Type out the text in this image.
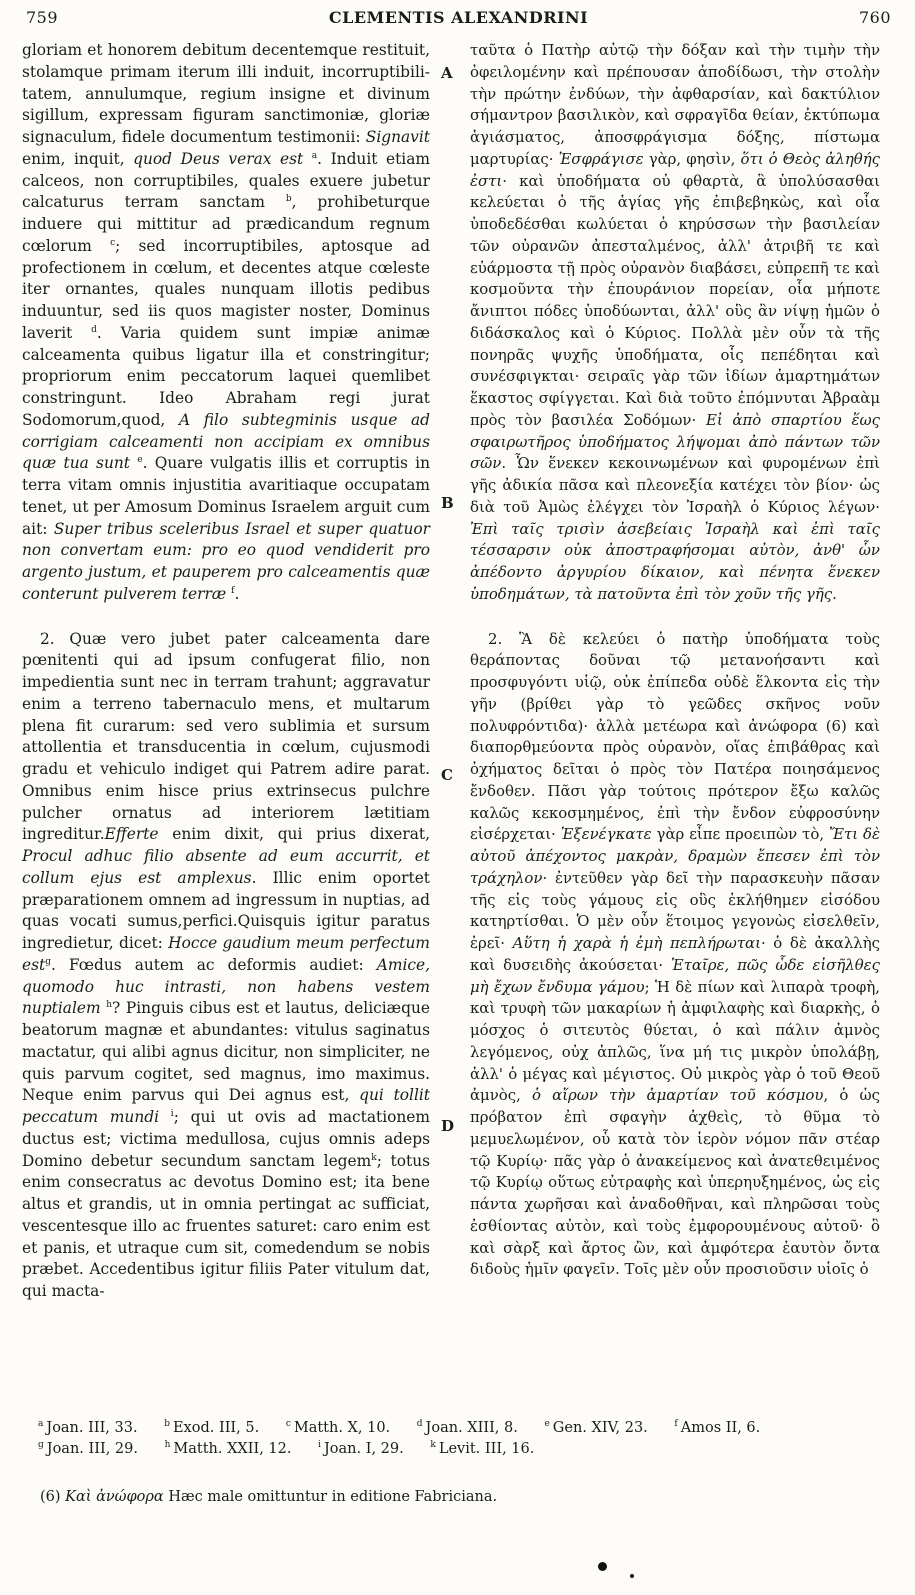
759	CLEMENTIS ALEXANDRINI	760

gloriam et honorem debitum decentemque restituit, stolamque primam iterum illi induit, incorruptibili-tatem, annulumque, regium insigne et divinum sigillum, expressam figuram sanctimoniæ, gloriæ signaculum, fidele documentum testimonii: Signavit enim, inquit, quod Deus verax est $^a$. Induit etiam calceos, non corruptibiles, quales exuere jubetur calcaturus terram sanctam $^b$, prohibeturque induere qui mittitur ad prædicandum regnum cœlorum $^c$; sed incorruptibiles, aptosque ad profectionem in cœlum, et decentes atque cœleste iter ornantes, quales nunquam illotis pedibus induuntur, sed iis quos magister noster, Dominus laverit $^d$. Varia quidem sunt impiæ animæ calceamenta quibus ligatur illa et constringitur; propriorum enim peccatorum laquei quemlibet constringunt. Ideo Abraham regi jurat Sodomorum,quod, A filo subtegminis usque ad corrigiam calceamenti non accipiam ex omnibus quæ tua sunt $^e$. Quare vulgatis illis et corruptis in terra vitam omnis injustitia avaritiaque occupatam tenet, ut per Amosum Dominus Israelem arguit cum ait: Super tribus sceleribus Israel et super quatuor non convertam eum: pro eo quod vendiderit pro argento justum, et pauperem pro calceamentis quæ conterunt pulverem terræ $^f$.

2. Quæ vero jubet pater calceamenta dare pœnitenti qui ad ipsum confugerat filio, non impedientia sunt nec in terram trahunt; aggravatur enim a terreno tabernaculo mens, et multarum plena fit curarum: sed vero sublimia et sursum attollentia et transducentia in cœlum, cujusmodi gradu et vehiculo indiget qui Patrem adire parat. Omnibus enim hisce prius extrinsecus pulchre pulcher ornatus ad interiorem lætitiam ingreditur.Efferte enim dixit, qui prius dixerat, Procul adhuc filio absente ad eum accurrit, et collum ejus est amplexus. Illic enim oportet præparationem omnem ad ingressum in nuptias, ad quas vocati sumus,perfici.Quisquis igitur paratus ingredietur, dicet: Hocce gaudium meum perfectum est$^g$. Fœdus autem ac deformis audiet: Amice, quomodo huc intrasti, non habens vestem nuptialem $^h$? Pinguis cibus est et lautus, deliciæque beatorum magnæ et abundantes: vitulus saginatus mactatur, qui alibi agnus dicitur, non simpliciter, ne quis parvum cogitet, sed magnus, imo maximus. Neque enim parvus qui Dei agnus est, qui tollit peccatum mundi $^i$; qui ut ovis ad mactationem ductus est; victima medullosa, cujus omnis adeps Domino debetur secundum sanctam legem$^k$; totus enim consecratus ac devotus Domino est; ita bene altus et grandis, ut in omnia pertingat ac sufficiat, vescentesque illo ac fruentes saturet: caro enim est et panis, et utraque cum sit, comedendum se nobis præbet. Accedentibus igitur filiis Pater vitulum dat, qui macta-

A
B
C
D

ταῦτα ὁ Πατὴρ αὐτῷ τὴν δόξαν καὶ τὴν τιμὴν τὴν ὀφειλομένην καὶ πρέπουσαν ἀποδίδωσι, τὴν στολὴν τὴν πρώτην ἐνδύων, τὴν ἀφθαρσίαν, καὶ δακτύλιον σήμαντρον βασιλικὸν, καὶ σφραγῖδα θείαν, ἐκτύπωμα ἁγιάσματος, ἀποσφράγισμα δόξης, πίστωμα μαρτυρίας· Ἐσφράγισε γὰρ, φησὶν, ὅτι ὁ Θεὸς ἀληθής ἐστι· καὶ ὑποδήματα οὐ φθαρτὰ, ἃ ὑπολύσασθαι κελεύεται ὁ τῆς ἁγίας γῆς ἐπιβεβηκὼς, καὶ οἷα ὑποδεδέσθαι κωλύεται ὁ κηρύσσων τὴν βασιλείαν τῶν οὐρανῶν ἀπεσταλμένος, ἀλλ' ἀτριβῆ τε καὶ εὐάρμοστα τῇ πρὸς οὐρανὸν διαβάσει, εὐπρεπῆ τε καὶ κοσμοῦντα τὴν ἐπουράνιον πορείαν, οἷα μήποτε ἄνιπτοι πόδες ὑποδύωνται, ἀλλ' οὓς ἂν νίψῃ ἡμῶν ὁ διδάσκαλος καὶ ὁ Κύριος. Πολλὰ μὲν οὖν τὰ τῆς πονηρᾶς ψυχῆς ὑποδήματα, οἷς πεπέδηται καὶ συνέσφιγκται· σειραῖς γὰρ τῶν ἰδίων ἁμαρτημάτων ἕκαστος σφίγγεται. Καὶ διὰ τοῦτο ἐπόμνυται Ἀβραὰμ πρὸς τὸν βασιλέα Σοδόμων· Εἰ ἀπὸ σπαρτίου ἕως σφαιρωτῆρος ὑποδήματος λήψομαι ἀπὸ πάντων τῶν σῶν. Ὧν ἕνεκεν κεκοινωμένων καὶ φυρομένων ἐπὶ γῆς ἀδικία πᾶσα καὶ πλεονεξία κατέχει τὸν βίον· ὡς διὰ τοῦ Ἀμὼς ἐλέγχει τὸν Ἰσραὴλ ὁ Κύριος λέγων· Ἐπὶ ταῖς τρισὶν ἀσεβείαις Ἰσραὴλ καὶ ἐπὶ ταῖς τέσσαρσιν οὐκ ἀποστραφήσομαι αὐτὸν, ἀνθ' ὧν ἀπέδοντο ἀργυρίου δίκαιον, καὶ πένητα ἕνεκεν ὑποδημάτων, τὰ πατοῦντα ἐπὶ τὸν χοῦν τῆς γῆς.

2. Ἃ δὲ κελεύει ὁ πατὴρ ὑποδήματα τοὺς θεράποντας δοῦναι τῷ μετανοήσαντι καὶ προσφυγόντι υἱῷ, οὐκ ἐπίπεδα οὐδὲ ἕλκοντα εἰς τὴν γῆν (βρίθει γὰρ τὸ γεῶδες σκῆνος νοῦν πολυφρόντιδα)· ἀλλὰ μετέωρα καὶ ἀνώφορα (6) καὶ διαπορθμεύοντα πρὸς οὐρανὸν, οἵας ἐπιβάθρας καὶ ὀχήματος δεῖται ὁ πρὸς τὸν Πατέρα ποιησάμενος ἔνδοθεν. Πᾶσι γὰρ τούτοις πρότερον ἔξω καλῶς καλῶς κεκοσμημένος, ἐπὶ τὴν ἔνδον εὐφροσύνην εἰσέρχεται· Ἐξενέγκατε γὰρ εἶπε προειπὼν τὸ, Ἔτι δὲ αὐτοῦ ἀπέχοντος μακρὰν, δραμὼν ἔπεσεν ἐπὶ τὸν τράχηλον· ἐντεῦθεν γὰρ δεῖ τὴν παρασκευὴν πᾶσαν τῆς εἰς τοὺς γάμους εἰς οὓς ἐκλήθημεν εἰσόδου κατηρτίσθαι. Ὁ μὲν οὖν ἕτοιμος γεγονὼς εἰσελθεῖν, ἐρεῖ· Αὕτη ἡ χαρὰ ἡ ἐμὴ πεπλήρωται· ὁ δὲ ἀκαλλὴς καὶ δυσειδὴς ἀκούσεται· Ἑταῖρε, πῶς ὧδε εἰσῆλθες μὴ ἔχων ἔνδυμα γάμου; Ἡ δὲ πίων καὶ λιπαρὰ τροφὴ, καὶ τρυφὴ τῶν μακαρίων ἡ ἀμφιλαφὴς καὶ διαρκὴς, ὁ μόσχος ὁ σιτευτὸς θύεται, ὁ καὶ πάλιν ἀμνὸς λεγόμενος, οὐχ ἁπλῶς, ἵνα μή τις μικρὸν ὑπολάβῃ, ἀλλ' ὁ μέγας καὶ μέγιστος. Οὐ μικρὸς γὰρ ὁ τοῦ Θεοῦ ἀμνὸς, ὁ αἴρων τὴν ἁμαρτίαν τοῦ κόσμου, ὁ ὡς πρόβατον ἐπὶ σφαγὴν ἀχθεὶς, τὸ θῦμα τὸ μεμυελωμένον, οὗ κατὰ τὸν ἱερὸν νόμον πᾶν στέαρ τῷ Κυρίῳ· πᾶς γὰρ ὁ ἀνακείμενος καὶ ἀνατεθειμένος τῷ Κυρίῳ οὕτως εὐτραφὴς καὶ ὑπερηυξημένος, ὡς εἰς πάντα χωρῆσαι καὶ ἀναδοθῆναι, καὶ πληρῶσαι τοὺς ἐσθίοντας αὐτὸν, καὶ τοὺς ἐμφορουμένους αὐτοῦ· ὃ καὶ σὰρξ καὶ ἄρτος ὢν, καὶ ἀμφότερα ἑαυτὸν ὄντα διδοὺς ἡμῖν φαγεῖν. Τοῖς μὲν οὖν προσιοῦσιν υἱοῖς ὁ

$^a$ Joan. III, 33.	$^b$ Exod. III, 5.	$^c$ Matth. X, 10.	$^d$ Joan. XIII, 8.	$^e$ Gen. XIV, 23.	$^f$ Amos II, 6.
$^g$ Joan. III, 29.	$^h$ Matth. XXII, 12.	$^i$ Joan. I, 29.	$^k$ Levit. III, 16.
(6) Καὶ ἀνώφορα Hæc male omittuntur in editione Fabriciana.
